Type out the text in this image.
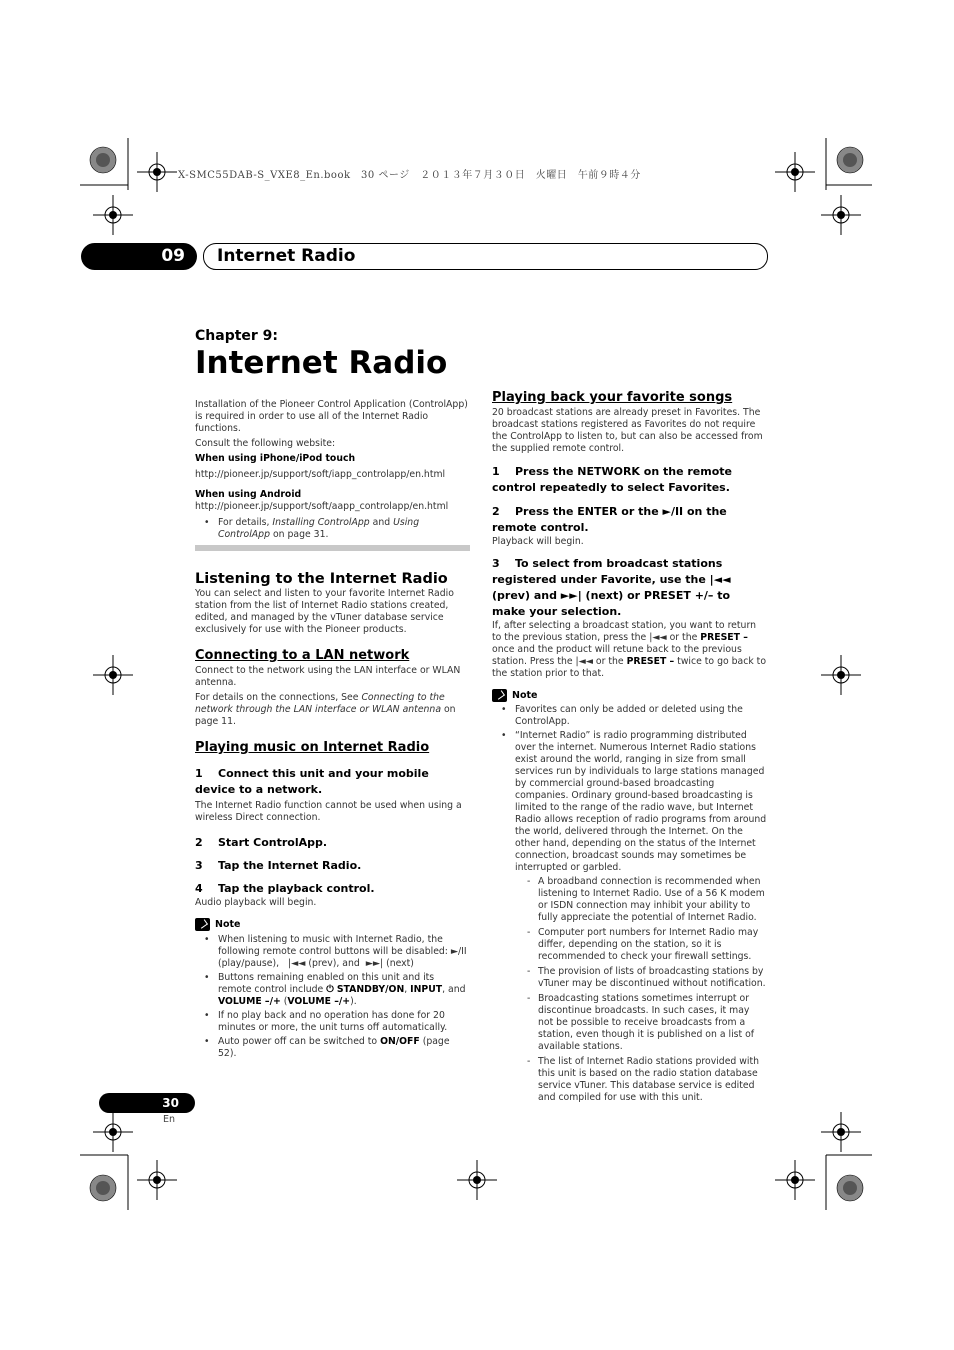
X-SMC55DAB-S_VXE8_En.book　30 ページ　２０１３年７月３０日　火曜日　午前９時４分
09 Internet Radio

Chapter 9:

Internet Radio

Installation of the Pioneer Control Application (ControlApp) is required in order to use all of the Internet Radio functions.

Consult the following website:

When using iPhone/iPod touch

http://pioneer.jp/support/soft/iapp_controlapp/en.html

When using Android

http://pioneer.jp/support/soft/aapp_controlapp/en.html

• For details, Installing ControlApp and Using ControlApp on page 31.

Listening to the Internet Radio

You can select and listen to your favorite Internet Radio station from the list of Internet Radio stations created, edited, and managed by the vTuner database service exclusively for use with the Pioneer products.

Connecting to a LAN network

Connect to the network using the LAN interface or WLAN antenna.

For details on the connections, See Connecting to the network through the LAN interface or WLAN antenna on page 11.

Playing music on Internet Radio

1 Connect this unit and your mobile device to a network.

The Internet Radio function cannot be used when using a wireless Direct connection.

2 Start ControlApp.

3 Tap the Internet Radio.

4 Tap the playback control.

Audio playback will begin.

Note

• When listening to music with Internet Radio, the following remote control buttons will be disabled: ►/II (play/pause), |◄◄ (prev), and ►►| (next)

• Buttons remaining enabled on this unit and its remote control include ⏻ STANDBY/ON, INPUT, and VOLUME –/+ (VOLUME –/+).

• If no play back and no operation has done for 20 minutes or more, the unit turns off automatically.

• Auto power off can be switched to ON/OFF (page 52).

Playing back your favorite songs

20 broadcast stations are already preset in Favorites. The broadcast stations registered as Favorites do not require the ControlApp to listen to, but can also be accessed from the supplied remote control.

1 Press the NETWORK on the remote control repeatedly to select Favorites.

2 Press the ENTER or the ►/II on the remote control.

Playback will begin.

3 To select from broadcast stations registered under Favorite, use the |◄◄ (prev) and ►►| (next) or PRESET +/– to make your selection.

If, after selecting a broadcast station, you want to return to the previous station, press the |◄◄ or the PRESET – once and the product will retune back to the previous station. Press the |◄◄ or the PRESET – twice to go back to the station prior to that.

Note

• Favorites can only be added or deleted using the ControlApp.

• “Internet Radio” is radio programming distributed over the internet. Numerous Internet Radio stations exist around the world, ranging in size from small services run by individuals to large stations managed by commercial ground-based broadcasting companies. Ordinary ground-based broadcasting is limited to the range of the radio wave, but Internet Radio allows reception of radio programs from around the world, delivered through the Internet. On the other hand, depending on the status of the Internet connection, broadcast sounds may sometimes be interrupted or garbled.

- A broadband connection is recommended when listening to Internet Radio. Use of a 56 K modem or ISDN connection may inhibit your ability to fully appreciate the potential of Internet Radio.

- Computer port numbers for Internet Radio may differ, depending on the station, so it is recommended to check your firewall settings.

- The provision of lists of broadcasting stations by vTuner may be discontinued without notification.

- Broadcasting stations sometimes interrupt or discontinue broadcasts. In such cases, it may not be possible to receive broadcasts from a station, even though it is published on a list of available stations.

- The list of Internet Radio stations provided with this unit is based on the radio station database service vTuner. This database service is edited and compiled for use with this unit.

30
En
